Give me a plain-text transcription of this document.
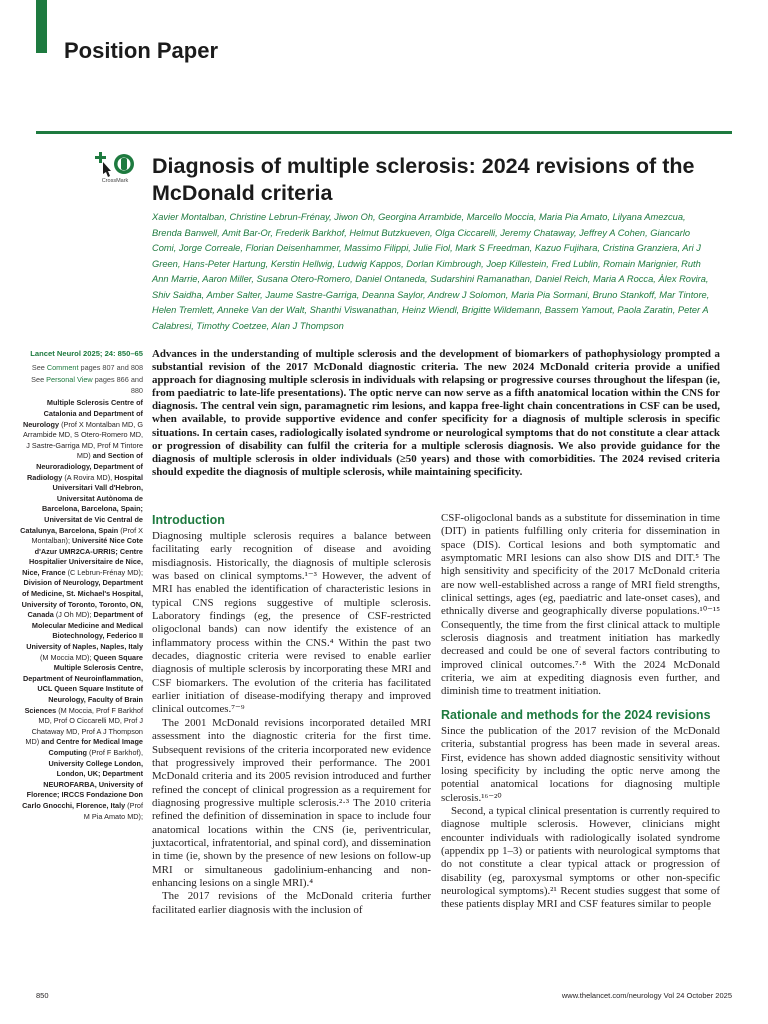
Position Paper
CrossMark
Diagnosis of multiple sclerosis: 2024 revisions of the McDonald criteria

Xavier Montalban, Christine Lebrun-Frénay, Jiwon Oh, Georgina Arrambide, Marcello Moccia, Maria Pia Amato, Lilyana Amezcua, Brenda Banwell, Amit Bar-Or, Frederik Barkhof, Helmut Butzkueven, Olga Ciccarelli, Jeremy Chataway, Jeffrey A Cohen, Giancarlo Comi, Jorge Correale, Florian Deisenhammer, Massimo Filippi, Julie Fiol, Mark S Freedman, Kazuo Fujihara, Cristina Granziera, Ari J Green, Hans-Peter Hartung, Kerstin Hellwig, Ludwig Kappos, Dorlan Kimbrough, Joep Killestein, Fred Lublin, Romain Marignier, Ruth Ann Marrie, Aaron Miller, Susana Otero-Romero, Daniel Ontaneda, Sudarshini Ramanathan, Daniel Reich, Maria A Rocca, Àlex Rovira, Shiv Saidha, Amber Salter, Jaume Sastre-Garriga, Deanna Saylor, Andrew J Solomon, Maria Pia Sormani, Bruno Stankoff, Mar Tintore, Helen Tremlett, Anneke Van der Walt, Shanthi Viswanathan, Heinz Wiendl, Brigitte Wildemann, Bassem Yamout, Paola Zaratin, Peter A Calabresi, Timothy Coetzee, Alan J Thompson

Lancet Neurol 2025; 24: 850–65

See Comment pages 807 and 808

See Personal View pages 866 and 880

Multiple Sclerosis Centre of Catalonia and Department of Neurology (Prof X Montalban MD, G Arrambide MD, S Otero-Romero MD, J Sastre-Garriga MD, Prof M Tintore MD) and Section of Neuroradiology, Department of Radiology (A Rovira MD), Hospital Universitari Vall d'Hebron, Universitat Autònoma de Barcelona, Barcelona, Spain; Universitat de Vic Central de Catalunya, Barcelona, Spain (Prof X Montalban); Université Nice Cote d'Azur UMR2CA-URRIS; Centre Hospitalier Universitaire de Nice, Nice, France (C Lebrun-Frénay MD); Division of Neurology, Department of Medicine, St. Michael's Hospital, University of Toronto, Toronto, ON, Canada (J Oh MD); Department of Molecular Medicine and Medical Biotechnology, Federico II University of Naples, Naples, Italy (M Moccia MD); Queen Square Multiple Sclerosis Centre, Department of Neuroinflammation, UCL Queen Square Institute of Neurology, Faculty of Brain Sciences (M Moccia, Prof F Barkhof MD, Prof O Ciccarelli MD, Prof J Chataway MD, Prof A J Thompson MD) and Centre for Medical Image Computing (Prof F Barkhof), University College London, London, UK; Department NEUROFARBA, University of Florence; IRCCS Fondazione Don Carlo Gnocchi, Florence, Italy (Prof M Pia Amato MD);

Advances in the understanding of multiple sclerosis and the development of biomarkers of pathophysiology prompted a substantial revision of the 2017 McDonald diagnostic criteria. The new 2024 McDonald criteria provide a unified approach for diagnosing multiple sclerosis in individuals with relapsing or progressive courses throughout the lifespan (ie, from paediatric to late-life presentations). The optic nerve can now serve as a fifth anatomical location within the CNS for diagnosis. The central vein sign, paramagnetic rim lesions, and kappa free-light chain concentrations in CSF can be used, when available, to provide supportive evidence and confer specificity for a diagnosis of multiple sclerosis in specific situations. In certain cases, radiologically isolated syndrome or neurological symptoms that do not constitute a clear attack or progression of disability can fulfil the criteria for a multiple sclerosis diagnosis. We also provide guidance for the diagnosis of multiple sclerosis in older individuals (≥50 years) and those with comorbidities. The 2024 revised criteria should expedite the diagnosis of multiple sclerosis, while maintaining specificity.

Introduction

Diagnosing multiple sclerosis requires a balance between facilitating early recognition of disease and avoiding misdiagnosis. Historically, the diagnosis of multiple sclerosis was based on clinical symptoms.¹⁻³ However, the advent of MRI has enabled the identification of characteristic lesions in typical CNS regions suggestive of multiple sclerosis. Laboratory findings (eg, the presence of CSF-restricted oligoclonal bands) can now identify the existence of an inflammatory process within the CNS.⁴ Within the past two decades, diagnostic criteria were revised to enable earlier diagnosis of multiple sclerosis by incorporating these MRI and CSF biomarkers. The evolution of the criteria has facilitated earlier initiation of disease-modifying therapy and improved clinical outcomes.⁷⁻⁹

The 2001 McDonald revisions incorporated detailed MRI assessment into the diagnostic criteria for the first time. Subsequent revisions of the criteria incorporated new evidence that progressively improved their performance. The 2001 McDonald criteria and its 2005 revision introduced and further refined the concept of clinical progression as a requirement for diagnosing progressive multiple sclerosis.²·³ The 2010 criteria refined the definition of dissemination in space to include four anatomical locations within the CNS (ie, periventricular, juxtacortical, infratentorial, and spinal cord), and dissemination in time (ie, shown by the presence of new lesions on follow-up MRI or simultaneous gadolinium-enhancing and non-enhancing lesions on a single MRI).⁴

The 2017 revisions of the McDonald criteria further facilitated earlier diagnosis with the inclusion of

CSF-oligoclonal bands as a substitute for dissemination in time (DIT) in patients fulfilling only criteria for dissemination in space (DIS). Cortical lesions and both symptomatic and asymptomatic MRI lesions can also show DIS and DIT.⁵ The high sensitivity and specificity of the 2017 McDonald criteria are now well-established across a range of MRI field strengths, clinical settings, ages (eg, paediatric and late-onset cases), and ethnically diverse and geographically diverse populations.¹⁰⁻¹⁵ Consequently, the time from the first clinical attack to multiple sclerosis diagnosis and treatment initiation has markedly decreased and could be one of several factors contributing to improved clinical outcomes.⁷·⁸ With the 2024 McDonald criteria, we aim at expediting diagnosis even further, and diminish time to treatment initiation.

Rationale and methods for the 2024 revisions

Since the publication of the 2017 revision of the McDonald criteria, substantial progress has been made in several areas. First, evidence has shown added diagnostic sensitivity without losing specificity by including the optic nerve among the potential anatomical locations for diagnosing multiple sclerosis.¹⁶⁻²⁰

Second, a typical clinical presentation is currently required to diagnose multiple sclerosis. However, clinicians might encounter individuals with radiologically isolated syndrome (appendix pp 1–3) or patients with neurological symptoms that do not constitute a clear typical attack or progression of disability (eg, paroxysmal symptoms or other non-specific neurological symptoms).²¹ Recent studies suggest that some of these patients display MRI and CSF features similar to people

850	www.thelancet.com/neurology Vol 24 October 2025
